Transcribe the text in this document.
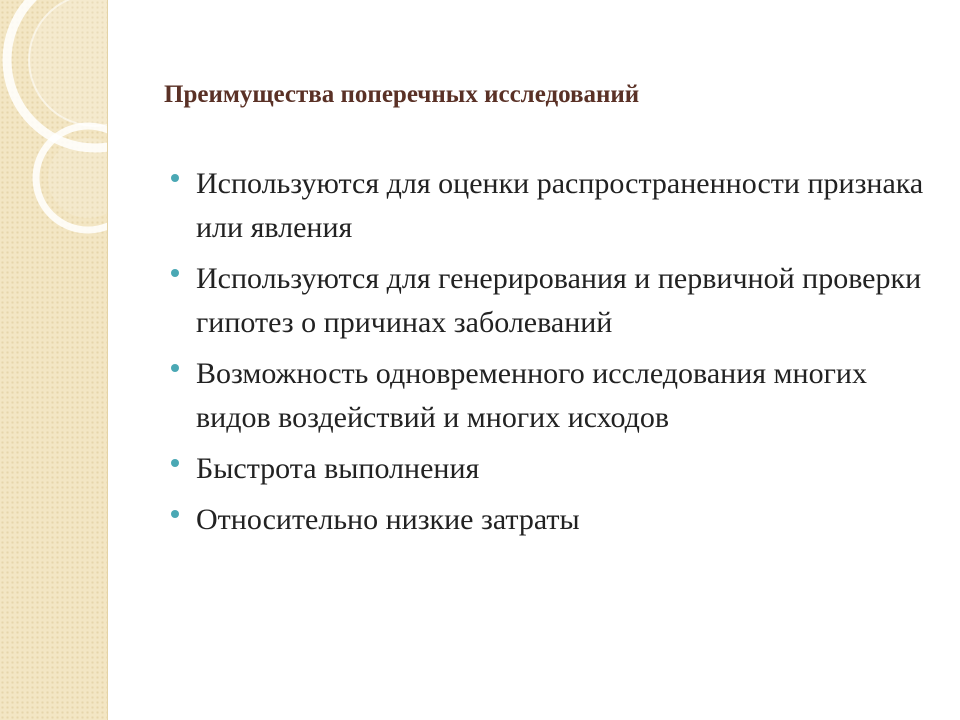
Преимущества поперечных исследований
Используются для оценки распространенности признака или явления
Используются для генерирования и первичной проверки гипотез о причинах заболеваний
Возможность одновременного исследования многих видов воздействий и многих исходов
Быстрота выполнения
Относительно низкие затраты
